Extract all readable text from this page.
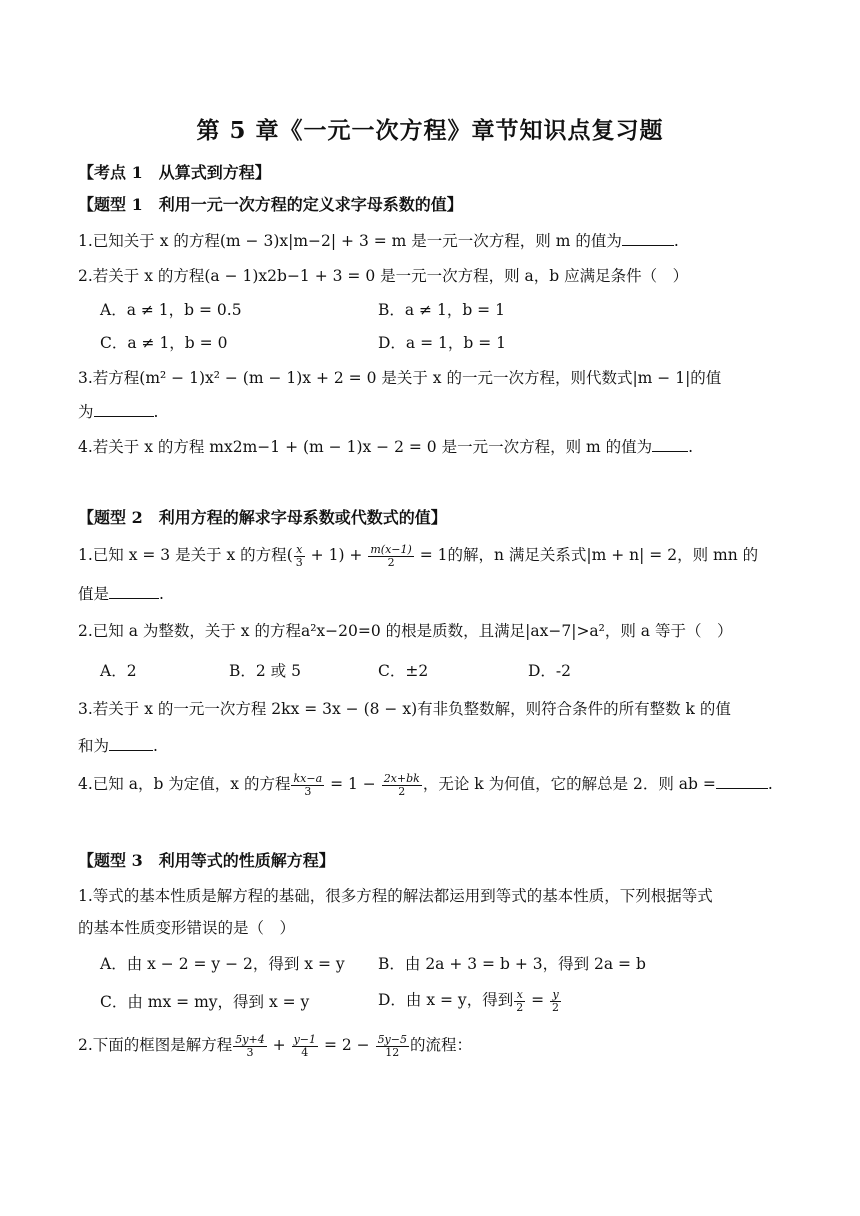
第 5 章《一元一次方程》章节知识点复习题
【考点 1　从算式到方程】
【题型 1　利用一元一次方程的定义求字母系数的值】
1.已知关于 x 的方程(m − 3)x|m−2| + 3 = m 是一元一次方程，则 m 的值为	.
2.若关于 x 的方程(a − 1)x2b−1 + 3 = 0 是一元一次方程，则 a，b 应满足条件（　）
A．a ≠ 1，b = 0.5	B．a ≠ 1，b = 1
C．a ≠ 1，b = 0	D．a = 1，b = 1
3.若方程(m² − 1)x² − (m − 1)x + 2 = 0 是关于 x 的一元一次方程，则代数式|m − 1|的值
为	.
4.若关于 x 的方程 mx2m−1 + (m − 1)x − 2 = 0 是一元一次方程，则 m 的值为 .
【题型 2　利用方程的解求字母系数或代数式的值】
1.已知 x = 3 是关于 x 的方程( $\frac{x}{3} + 1) + \frac{m(x-1)}{2} = 1$的解，n 满足关系式|m + n| = 2，则 mn 的
值是	.
2.已知 a 为整数，关于 x 的方程a²x−20=0 的根是质数，且满足|ax−7|>a²，则 a 等于（　）
A．2	B．2 或 5	C．±2	D．-2
3.若关于 x 的一元一次方程 2kx = 3x − (8 − x)有非负整数解，则符合条件的所有整数 k 的值
和为	.
4.已知 a，b 为定值，x 的方程 $\frac{kx-a}{3} = 1 - \frac{2x+bk}{2}$ ，无论 k 为何值，它的解总是 2．则 ab =	.
【题型 3　利用等式的性质解方程】
1.等式的基本性质是解方程的基础，很多方程的解法都运用到等式的基本性质，下列根据等式
的基本性质变形错误的是（　）
A．由 x − 2 = y − 2，得到 x = y B．由 2a + 3 = b + 3，得到 2a = b
C．由 mx = my，得到 x = y	D．由 x = y，得到 $\frac{x}{2} = \frac{y}{2}$
2.下面的框图是解方程 $\frac{5y+4}{3} + \frac{y-1}{4} = 2 - \frac{5y-5}{12}$ 的流程：
